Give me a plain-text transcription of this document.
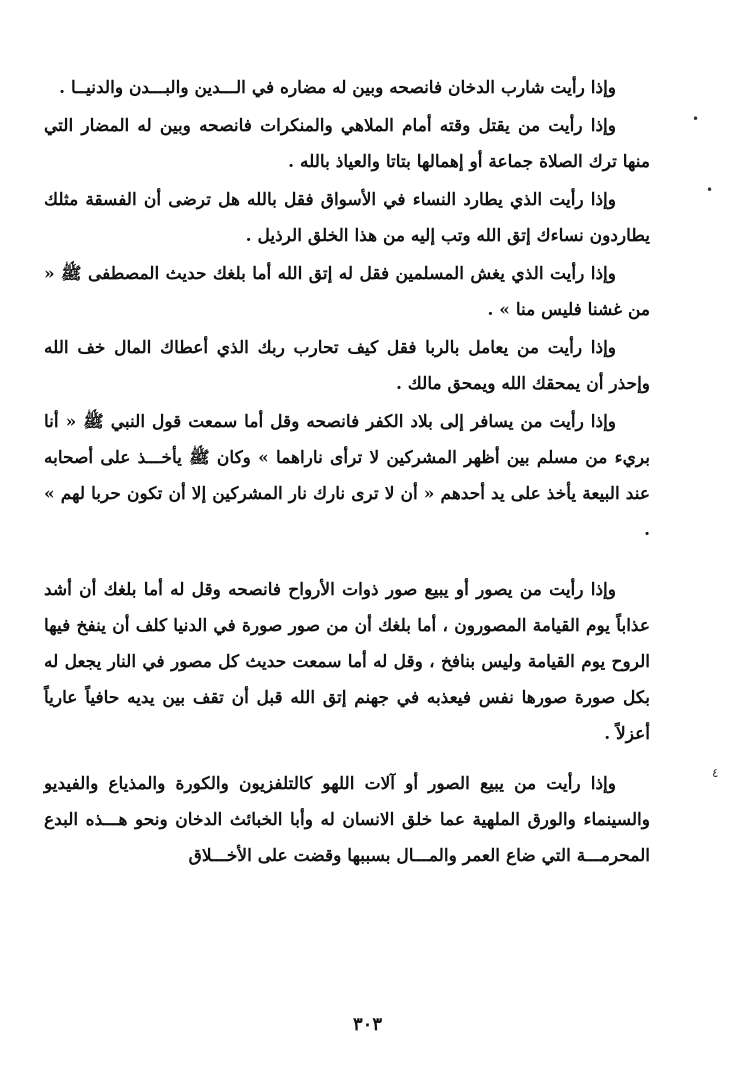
•
•
٤

وإذا رأيت شارب الدخان فانصحه وبين له مضاره في الـــدين والبـــدن والدنيــا .

وإذا رأيت من يقتل وقته أمام الملاهي والمنكرات فانصحه وبين له المضار التي منها ترك الصلاة جماعة أو إهمالها بتاتا والعياذ بالله .

وإذا رأيت الذي يطارد النساء في الأسواق فقل بالله هل ترضى أن الفسقة مثلك يطاردون نساءك إتق الله وتب إليه من هذا الخلق الرذيل .

وإذا رأيت الذي يغش المسلمين فقل له إتق الله أما بلغك حديث المصطفى ﷺ « من غشنا فليس منا » .

وإذا رأيت من يعامل بالربا فقل كيف تحارب ربك الذي أعطاك المال خف الله وإحذر أن يمحقك الله ويمحق مالك .

وإذا رأيت من يسافر إلى بلاد الكفر فانصحه وقل أما سمعت قول النبي ﷺ « أنا بريء من مسلم بين أظهر المشركين لا ترأى ناراهما » وكان ﷺ يأخـــذ على أصحابه عند البيعة يأخذ على يد أحدهم « أن لا ترى نارك نار المشركين إلا أن تكون حربا لهم » .

وإذا رأيت من يصور أو يبيع صور ذوات الأرواح فانصحه وقل له أما بلغك أن أشد عذاباً يوم القيامة المصورون ، أما بلغك أن من صور صورة في الدنيا كلف أن ينفخ فيها الروح يوم القيامة وليس بنافخ ، وقل له أما سمعت حديث كل مصور في النار يجعل له بكل صورة صورها نفس فيعذبه في جهنم إتق الله قبل أن تقف بين يديه حافياً عارياً أعزلاً .

وإذا رأيت من يبيع الصور أو آلات اللهو كالتلفزيون والكورة والمذياع والفيديو والسينماء والورق الملهية عما خلق الانسان له وأبا الخبائث الدخان ونحو هـــذه البدع المحرمـــة التي ضاع العمر والمـــال بسببها وقضت على الأخـــلاق

٣٠٣
